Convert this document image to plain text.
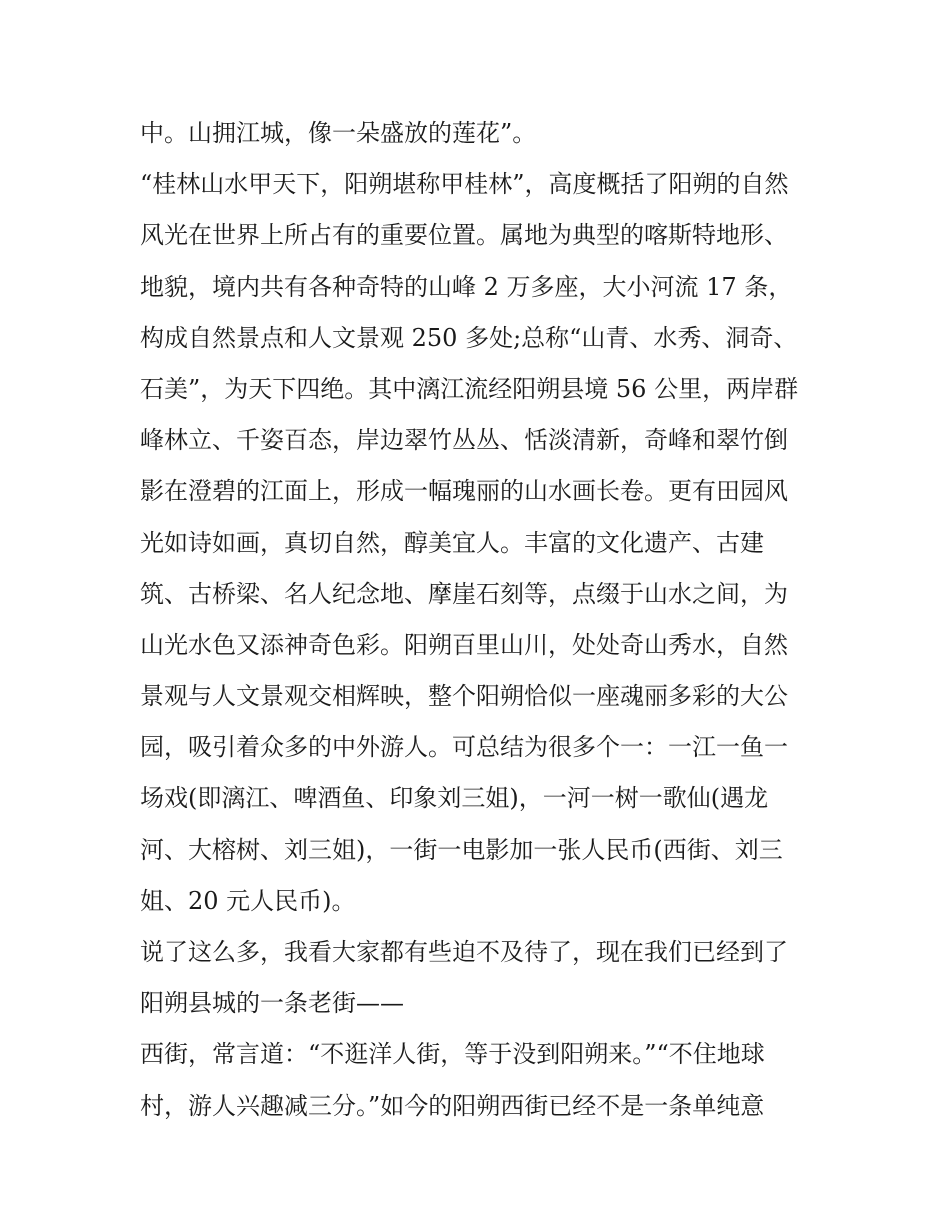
中。山拥江城，像一朵盛放的莲花”。
“桂林山水甲天下，阳朔堪称甲桂林”，高度概括了阳朔的自然
风光在世界上所占有的重要位置。属地为典型的喀斯特地形、
地貌，境内共有各种奇特的山峰 2 万多座，大小河流 17 条，
构成自然景点和人文景观 250 多处;总称“山青、水秀、洞奇、
石美”，为天下四绝。其中漓江流经阳朔县境 56 公里，两岸群
峰林立、千姿百态，岸边翠竹丛丛、恬淡清新，奇峰和翠竹倒
影在澄碧的江面上，形成一幅瑰丽的山水画长卷。更有田园风
光如诗如画，真切自然，醇美宜人。丰富的文化遗产、古建
筑、古桥梁、名人纪念地、摩崖石刻等，点缀于山水之间，为
山光水色又添神奇色彩。阳朔百里山川，处处奇山秀水，自然
景观与人文景观交相辉映，整个阳朔恰似一座魂丽多彩的大公
园，吸引着众多的中外游人。可总结为很多个一：一江一鱼一
场戏(即漓江、啤酒鱼、印象刘三姐)，一河一树一歌仙(遇龙
河、大榕树、刘三姐)，一街一电影加一张人民币(西街、刘三
姐、20 元人民币)。
说了这么多，我看大家都有些迫不及待了，现在我们已经到了
阳朔县城的一条老街——
西街，常言道：“不逛洋人街，等于没到阳朔来。”“不住地球
村，游人兴趣减三分。”如今的阳朔西街已经不是一条单纯意
